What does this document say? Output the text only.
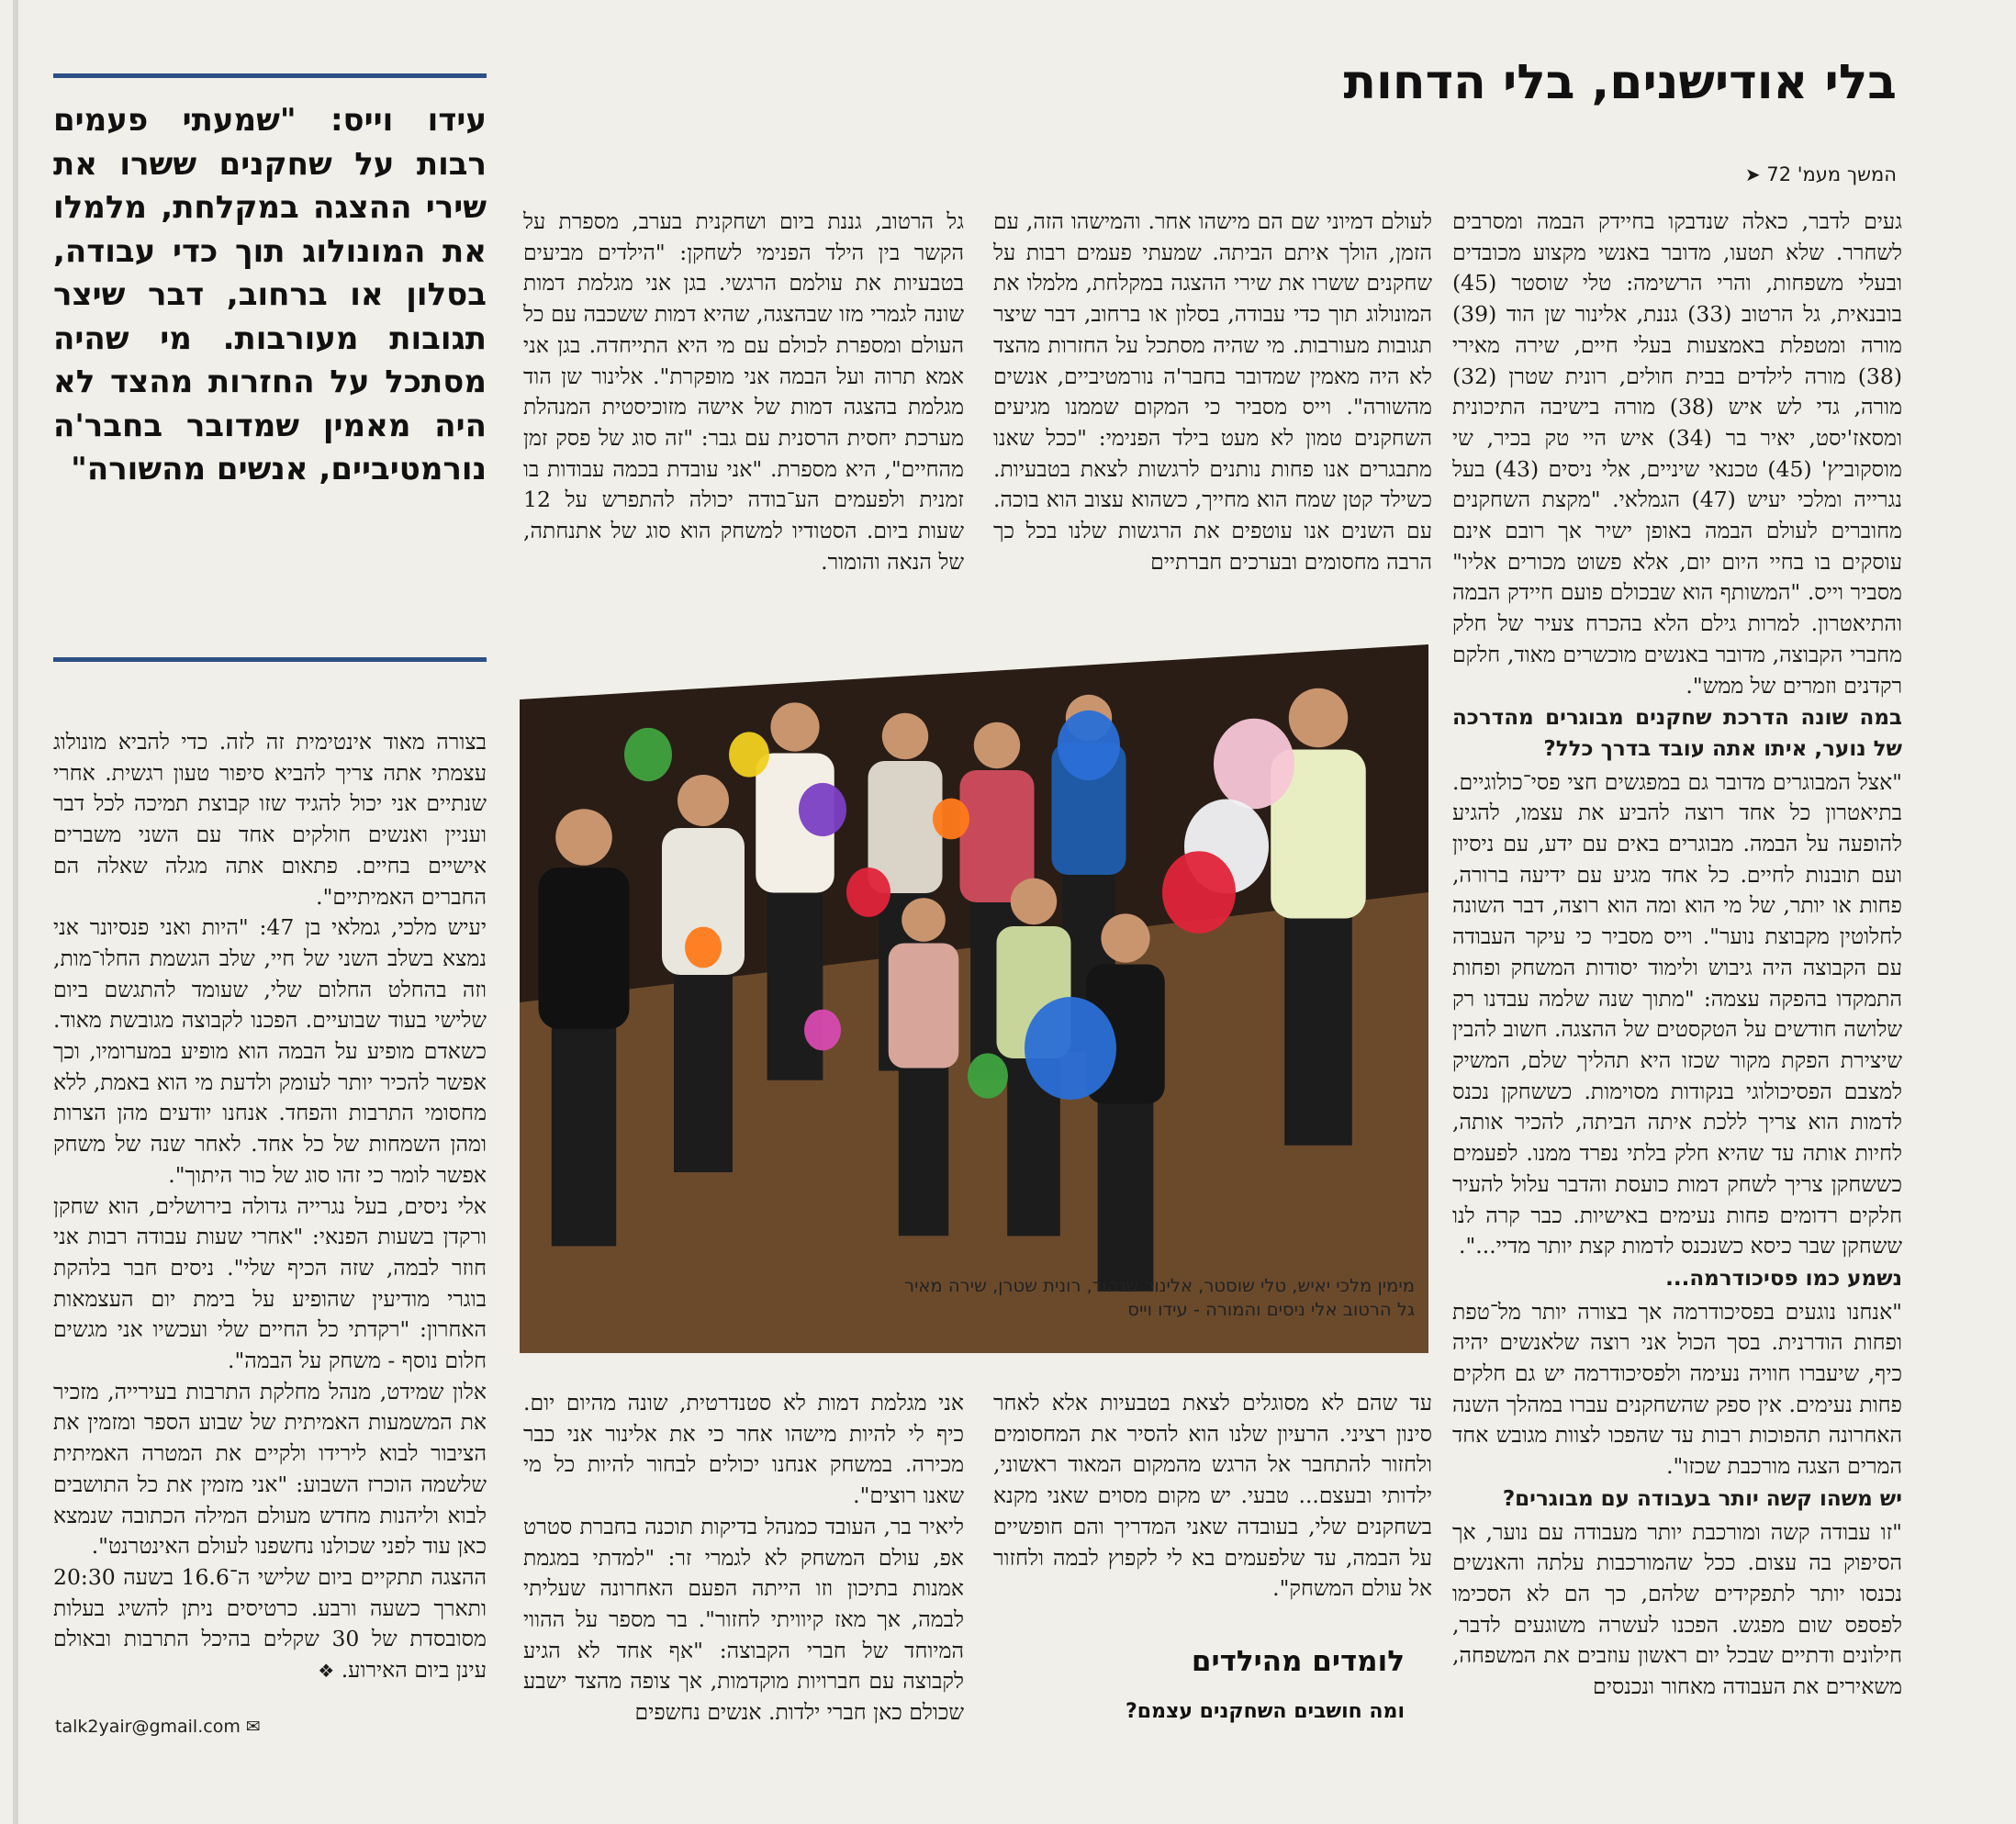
בלי אודישנים, בלי הדחות
המשך מעמ' 72 ➤

געים לדבר, כאלה שנדבקו בחיידק הבמה ומסרבים לשחרר. שלא תטעו, מדובר באנשי מקצוע מכובדים ובעלי משפחות, והרי הרשימה: טלי שוסטר (45) בובנאית, גל הרטוב (33) גננת, אלינור שן הוד (39) מורה ומטפלת באמצעות בעלי חיים, שירה מאירי (38) מורה לילדים בבית חולים, רונית שטרן (32) מורה, גדי לש איש (38) מורה בישיבה התיכונית ומסאז'יסט, יאיר בר (34) איש היי טק בכיר, שי מוסקוביץ' (45) טכנאי שיניים, אלי ניסים (43) בעל נגרייה ומלכי יעיש (47) הגמלאי. "מקצת השחקנים מחוברים לעולם הבמה באופן ישיר אך רובם אינם עוסקים בו בחיי היום יום, אלא פשוט מכורים אליו" מסביר וייס. "המשותף הוא שבכולם פועם חיידק הבמה והתיאטרון. למרות גילם הלא בהכרח צעיר של חלק מחברי הקבוצה, מדובר באנשים מוכשרים מאוד, חלקם רקדנים וזמרים של ממש".

במה שונה הדרכת שחקנים מבוגרים מהדרכה של נוער, איתו אתה עובד בדרך כלל?

"אצל המבוגרים מדובר גם במפגשים חצי פסי־כולוגיים. בתיאטרון כל אחד רוצה להביע את עצמו, להגיע להופעה על הבמה. מבוגרים באים עם ידע, עם ניסיון ועם תובנות לחיים. כל אחד מגיע עם ידיעה ברורה, פחות או יותר, של מי הוא ומה הוא רוצה, דבר השונה לחלוטין מקבוצת נוער". וייס מסביר כי עיקר העבודה עם הקבוצה היה גיבוש ולימוד יסודות המשחק ופחות התמקדו בהפקה עצמה: "מתוך שנה שלמה עבדנו רק שלושה חודשים על הטקסטים של ההצגה. חשוב להבין שיצירת הפקת מקור שכזו היא תהליך שלם, המשיק למצבם הפסיכולוגי בנקודות מסוימות. כששחקן נכנס לדמות הוא צריך ללכת איתה הביתה, להכיר אותה, לחיות אותה עד שהיא חלק בלתי נפרד ממנו. לפעמים כששחקן צריך לשחק דמות כועסת והדבר עלול להעיר חלקים רדומים פחות נעימים באישיות. כבר קרה לנו ששחקן שבר כיסא כשנכנס לדמות קצת יותר מדיי...".

נשמע כמו פסיכודרמה...

"אנחנו נוגעים בפסיכודרמה אך בצורה יותר מל־טפת ופחות הודרנית. בסך הכול אני רוצה שלאנשים יהיה כיף, שיעברו חוויה נעימה ולפסיכודרמה יש גם חלקים פחות נעימים. אין ספק שהשחקנים עברו במהלך השנה האחרונה תהפוכות רבות עד שהפכו לצוות מגובש אחד המרים הצגה מורכבת שכזו".

יש משהו קשה יותר בעבודה עם מבוגרים?

"זו עבודה קשה ומורכבת יותר מעבודה עם נוער, אך הסיפוק בה עצום. ככל שהמורכבות עלתה והאנשים נכנסו יותר לתפקידים שלהם, כך הם לא הסכימו לפספס שום מפגש. הפכנו לעשרה משוגעים לדבר, חילונים ודתיים שבכל יום ראשון עוזבים את המשפחה, משאירים את העבודה מאחור ונכנסים

לעולם דמיוני שם הם מישהו אחר. והמישהו הזה, עם הזמן, הולך איתם הביתה. שמעתי פעמים רבות על שחקנים ששרו את שירי ההצגה במקלחת, מלמלו את המונולוג תוך כדי עבודה, בסלון או ברחוב, דבר שיצר תגובות מעורבות. מי שהיה מסתכל על החזרות מהצד לא היה מאמין שמדובר בחבר'ה נורמטיביים, אנשים מהשורה". וייס מסביר כי המקום שממנו מגיעים השחקנים טמון לא מעט בילד הפנימי: "ככל שאנו מתבגרים אנו פחות נותנים לרגשות לצאת בטבעיות. כשילד קטן שמח הוא מחייך, כשהוא עצוב הוא בוכה. עם השנים אנו עוטפים את הרגשות שלנו בכל כך הרבה מחסומים ובערכים חברתיים

גל הרטוב, גננת ביום ושחקנית בערב, מספרת על הקשר בין הילד הפנימי לשחקן: "הילדים מביעים בטבעיות את עולמם הרגשי. בגן אני מגלמת דמות שונה לגמרי מזו שבהצגה, שהיא דמות ששכבה עם כל העולם ומספרת לכולם עם מי היא התייחדה. בגן אני אמא תרוה ועל הבמה אני מופקרת". אלינור שן הוד מגלמת בהצגה דמות של אישה מזוכיסטית המנהלת מערכת יחסית הרסנית עם גבר: "זה סוג של פסק זמן מהחיים", היא מספרת. "אני עובדת בכמה עבודות בו זמנית ולפעמים הע־בודה יכולה להתפרש על 12 שעות ביום. הסטודיו למשחק הוא סוג של אתנחתה, של הנאה והומור.

עידו וייס: "שמעתי פעמים רבות על שחקנים ששרו את שירי ההצגה במקלחת, מלמלו את המונולוג תוך כדי עבודה, בסלון או ברחוב, דבר שיצר תגובות מעורבות. מי שהיה מסתכל על החזרות מהצד לא היה מאמין שמדובר בחבר'ה נורמטיביים, אנשים מהשורה"

בצורה מאוד אינטימית זה לזה. כדי להביא מונולוג עצמתי אתה צריך להביא סיפור טעון רגשית. אחרי שנתיים אני יכול להגיד שזו קבוצת תמיכה לכל דבר ועניין ואנשים חולקים אחד עם השני משברים אישיים בחיים. פתאום אתה מגלה שאלה הם החברים האמיתיים".

יעיש מלכי, גמלאי בן 47: "היות ואני פנסיונר אני נמצא בשלב השני של חיי, שלב הגשמת החלו־מות, וזה בהחלט החלום שלי, שעומד להתגשם ביום שלישי בעוד שבועיים. הפכנו לקבוצה מגובשת מאוד. כשאדם מופיע על הבמה הוא מופיע במערומיו, וכך אפשר להכיר יותר לעומק ולדעת מי הוא באמת, ללא מחסומי התרבות והפחד. אנחנו יודעים מהן הצרות ומהן השמחות של כל אחד. לאחר שנה של משחק אפשר לומר כי זהו סוג של כור היתוך".

אלי ניסים, בעל נגרייה גדולה בירושלים, הוא שחקן ורקדן בשעות הפנאי: "אחרי שעות עבודה רבות אני חוזר לבמה, שזה הכיף שלי". ניסים חבר בלהקת בוגרי מודיעין שהופיע על בימת יום העצמאות האחרון: "רקדתי כל החיים שלי ועכשיו אני מגשים חלום נוסף - משחק על הבמה".

אלון שמידט, מנהל מחלקת התרבות בעירייה, מזכיר את המשמעות האמיתית של שבוע הספר ומזמין את הציבור לבוא לירידו ולקיים את המטרה האמיתית שלשמה הוכרז השבוע: "אני מזמין את כל התושבים לבוא וליהנות מחדש מעולם המילה הכתובה שנמצא כאן עוד לפני שכולנו נחשפנו לעולם האינטרנט".

ההצגה תתקיים ביום שלישי ה־16.6 בשעה 20:30 ותארך כשעה ורבע. כרטיסים ניתן להשיג בעלות מסובסדת של 30 שקלים בהיכל התרבות ובאולם עינן ביום האירוע. ❖

talk2yair@gmail.com ✉
מימין מלכי יאיש, טלי שוסטר, אלינור שנהוד, רונית שטרן, שירה מאיר גל הרטוב אלי ניסים והמורה - עידו וייס

עד שהם לא מסוגלים לצאת בטבעיות אלא לאחר סינון רציני. הרעיון שלנו הוא להסיר את המחסומים ולחזור להתחבר אל הרגש מהמקום המאוד ראשוני, ילדותי ובעצם... טבעי. יש מקום מסוים שאני מקנא בשחקנים שלי, בעובדה שאני המדריך והם חופשיים על הבמה, עד שלפעמים בא לי לקפוץ לבמה ולחזור אל עולם המשחק".

לומדים מהילדים
ומה חושבים השחקנים עצמם?

אני מגלמת דמות לא סטנדרטית, שונה מהיום יום. כיף לי להיות מישהו אחר כי את אלינור אני כבר מכירה. במשחק אנחנו יכולים לבחור להיות כל מי שאנו רוצים".

ליאיר בר, העובד כמנהל בדיקות תוכנה בחברת סטרט אפ, עולם המשחק לא לגמרי זר: "למדתי במגמת אמנות בתיכון וזו הייתה הפעם האחרונה שעליתי לבמה, אך מאז קיוויתי לחזור". בר מספר על ההווי המיוחד של חברי הקבוצה: "אף אחד לא הגיע לקבוצה עם חברויות מוקדמות, אך צופה מהצד ישבע שכולם כאן חברי ילדות. אנשים נחשפים
